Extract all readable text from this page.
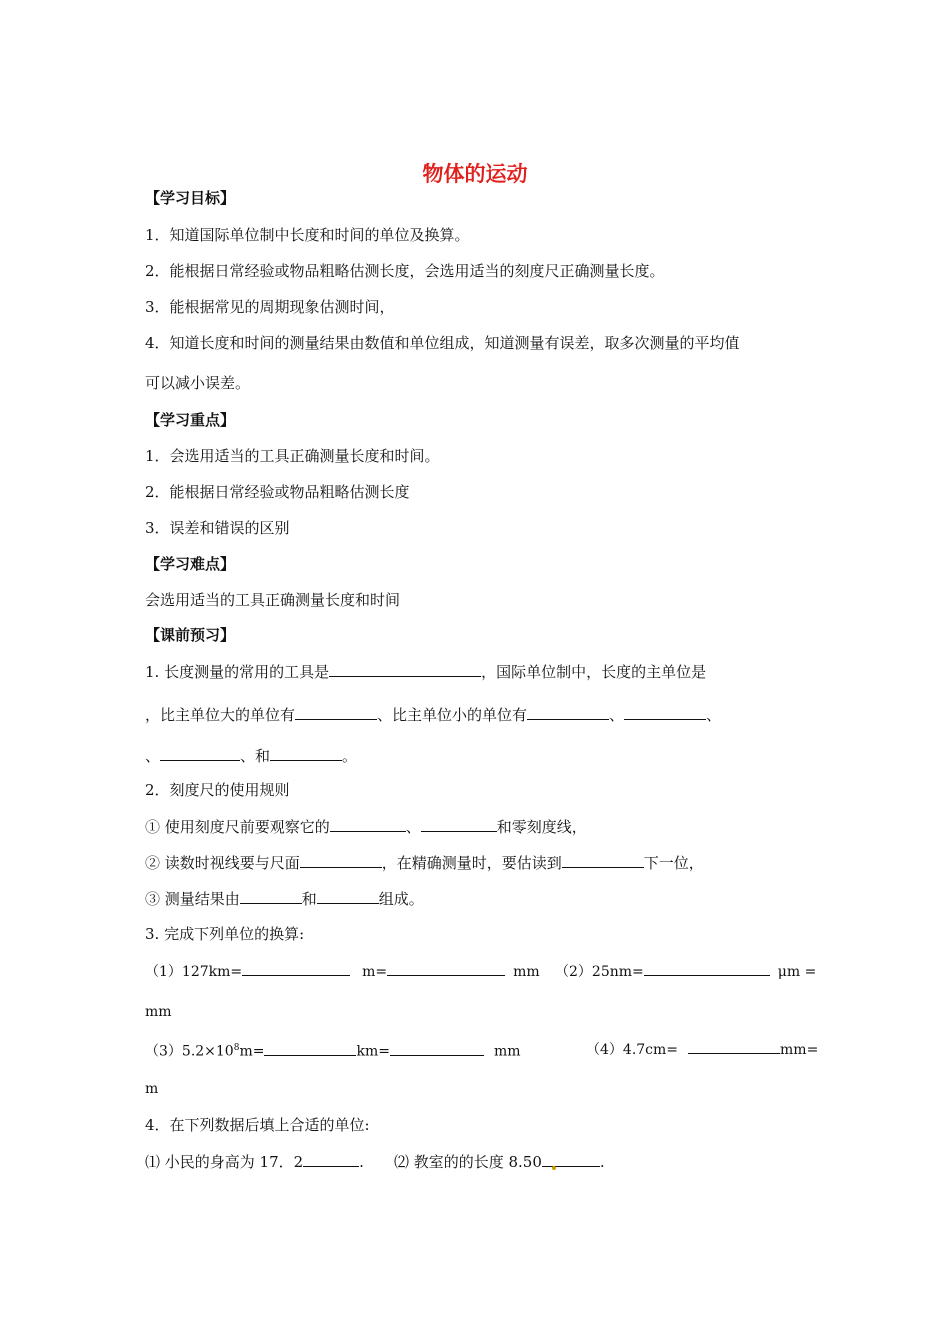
物体的运动
【学习目标】
1．知道国际单位制中长度和时间的单位及换算。
2．能根据日常经验或物品粗略估测长度，会选用适当的刻度尺正确测量长度。
3．能根据常见的周期现象估测时间，
4．知道长度和时间的测量结果由数值和单位组成，知道测量有误差，取多次测量的平均值
可以减小误差。
【学习重点】
1．会选用适当的工具正确测量长度和时间。
2．能根据日常经验或物品粗略估测长度
3．误差和错误的区别
【学习难点】
会选用适当的工具正确测量长度和时间
【课前预习】
1. 长度测量的常用的工具是	，国际单位制中，长度的主单位是
，比主单位大的单位有	、比主单位小的单位有	、	、
、	、和	。
2．刻度尺的使用规则
① 使用刻度尺前要观察它的	、	和零刻度线，
② 读数时视线要与尺面	，在精确测量时，要估读到	下一位，
③ 测量结果由	和	组成。
3. 完成下列单位的换算:
（1）127km=	m=	mm （2）25nm=	μm =
mm
$(3)5.2\times 10^8m=$	km=	mm	（4）4.7cm=	mm=
m
4．在下列数据后填上合适的单位:
⑴ 小民的身高为 17．2	. ⑵ 教室的的长度 8.50	.
